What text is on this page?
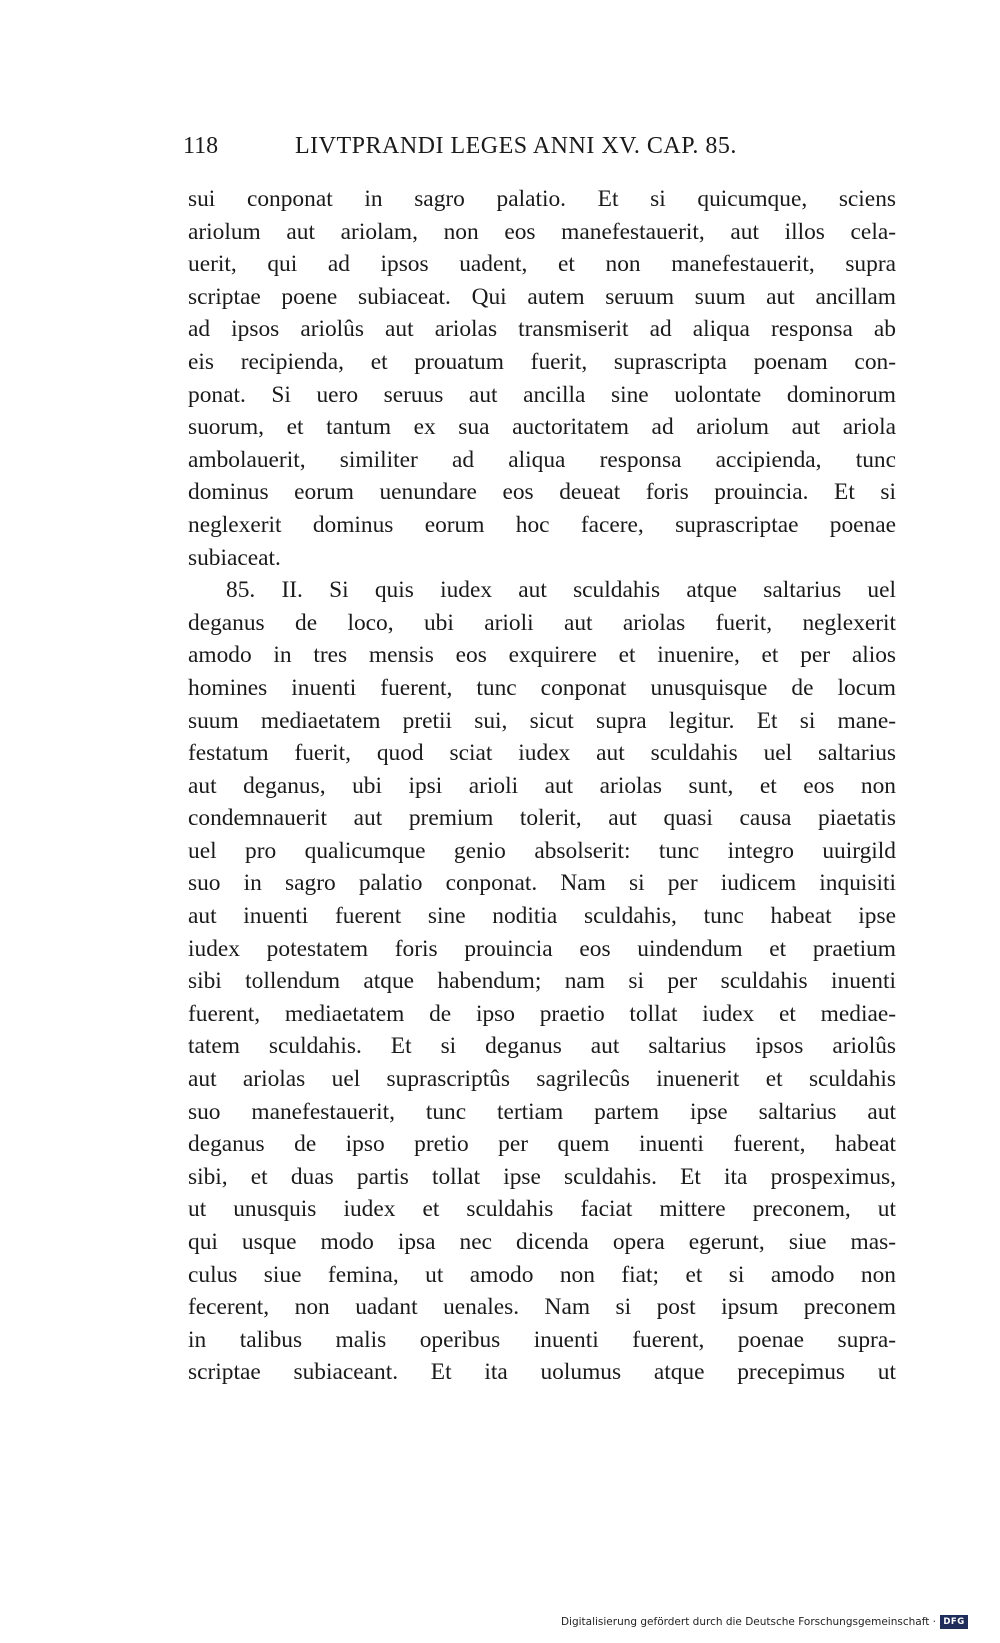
118	LIVTPRANDI LEGES ANNI XV. CAP. 85.
sui conponat in sagro palatio. Et si quicumque, sciens
ariolum aut ariolam, non eos manefestauerit, aut illos cela-
uerit, qui ad ipsos uadent, et non manefestauerit, supra
scriptae poene subiaceat. Qui autem seruum suum aut ancillam
ad ipsos ariolûs aut ariolas transmiserit ad aliqua responsa ab
eis recipienda, et prouatum fuerit, suprascripta poenam con-
ponat. Si uero seruus aut ancilla sine uolontate dominorum
suorum, et tantum ex sua auctoritatem ad ariolum aut ariola
ambolauerit, similiter ad aliqua responsa accipienda, tunc
dominus eorum uenundare eos deueat foris prouincia. Et si
neglexerit dominus eorum hoc facere, suprascriptae poenae
subiaceat.
85. II. Si quis iudex aut sculdahis atque saltarius uel
deganus de loco, ubi arioli aut ariolas fuerit, neglexerit
amodo in tres mensis eos exquirere et inuenire, et per alios
homines inuenti fuerent, tunc conponat unusquisque de locum
suum mediaetatem pretii sui, sicut supra legitur. Et si mane-
festatum fuerit, quod sciat iudex aut sculdahis uel saltarius
aut deganus, ubi ipsi arioli aut ariolas sunt, et eos non
condemnauerit aut premium tolerit, aut quasi causa piaetatis
uel pro qualicumque genio absolserit: tunc integro uuirgild
suo in sagro palatio conponat. Nam si per iudicem inquisiti
aut inuenti fuerent sine noditia sculdahis, tunc habeat ipse
iudex potestatem foris prouincia eos uindendum et praetium
sibi tollendum atque habendum; nam si per sculdahis inuenti
fuerent, mediaetatem de ipso praetio tollat iudex et mediae-
tatem sculdahis. Et si deganus aut saltarius ipsos ariolûs
aut ariolas uel suprascriptûs sagrilecûs inuenerit et sculdahis
suo manefestauerit, tunc tertiam partem ipse saltarius aut
deganus de ipso pretio per quem inuenti fuerent, habeat
sibi, et duas partis tollat ipse sculdahis. Et ita prospeximus,
ut unusquis iudex et sculdahis faciat mittere preconem, ut
qui usque modo ipsa nec dicenda opera egerunt, siue mas-
culus siue femina, ut amodo non fiat; et si amodo non
fecerent, non uadant uenales. Nam si post ipsum preconem
in talibus malis operibus inuenti fuerent, poenae supra-
scriptae subiaceant. Et ita uolumus atque precepimus ut
Digitalisierung gefördert durch die Deutsche Forschungsgemeinschaft · DFG
